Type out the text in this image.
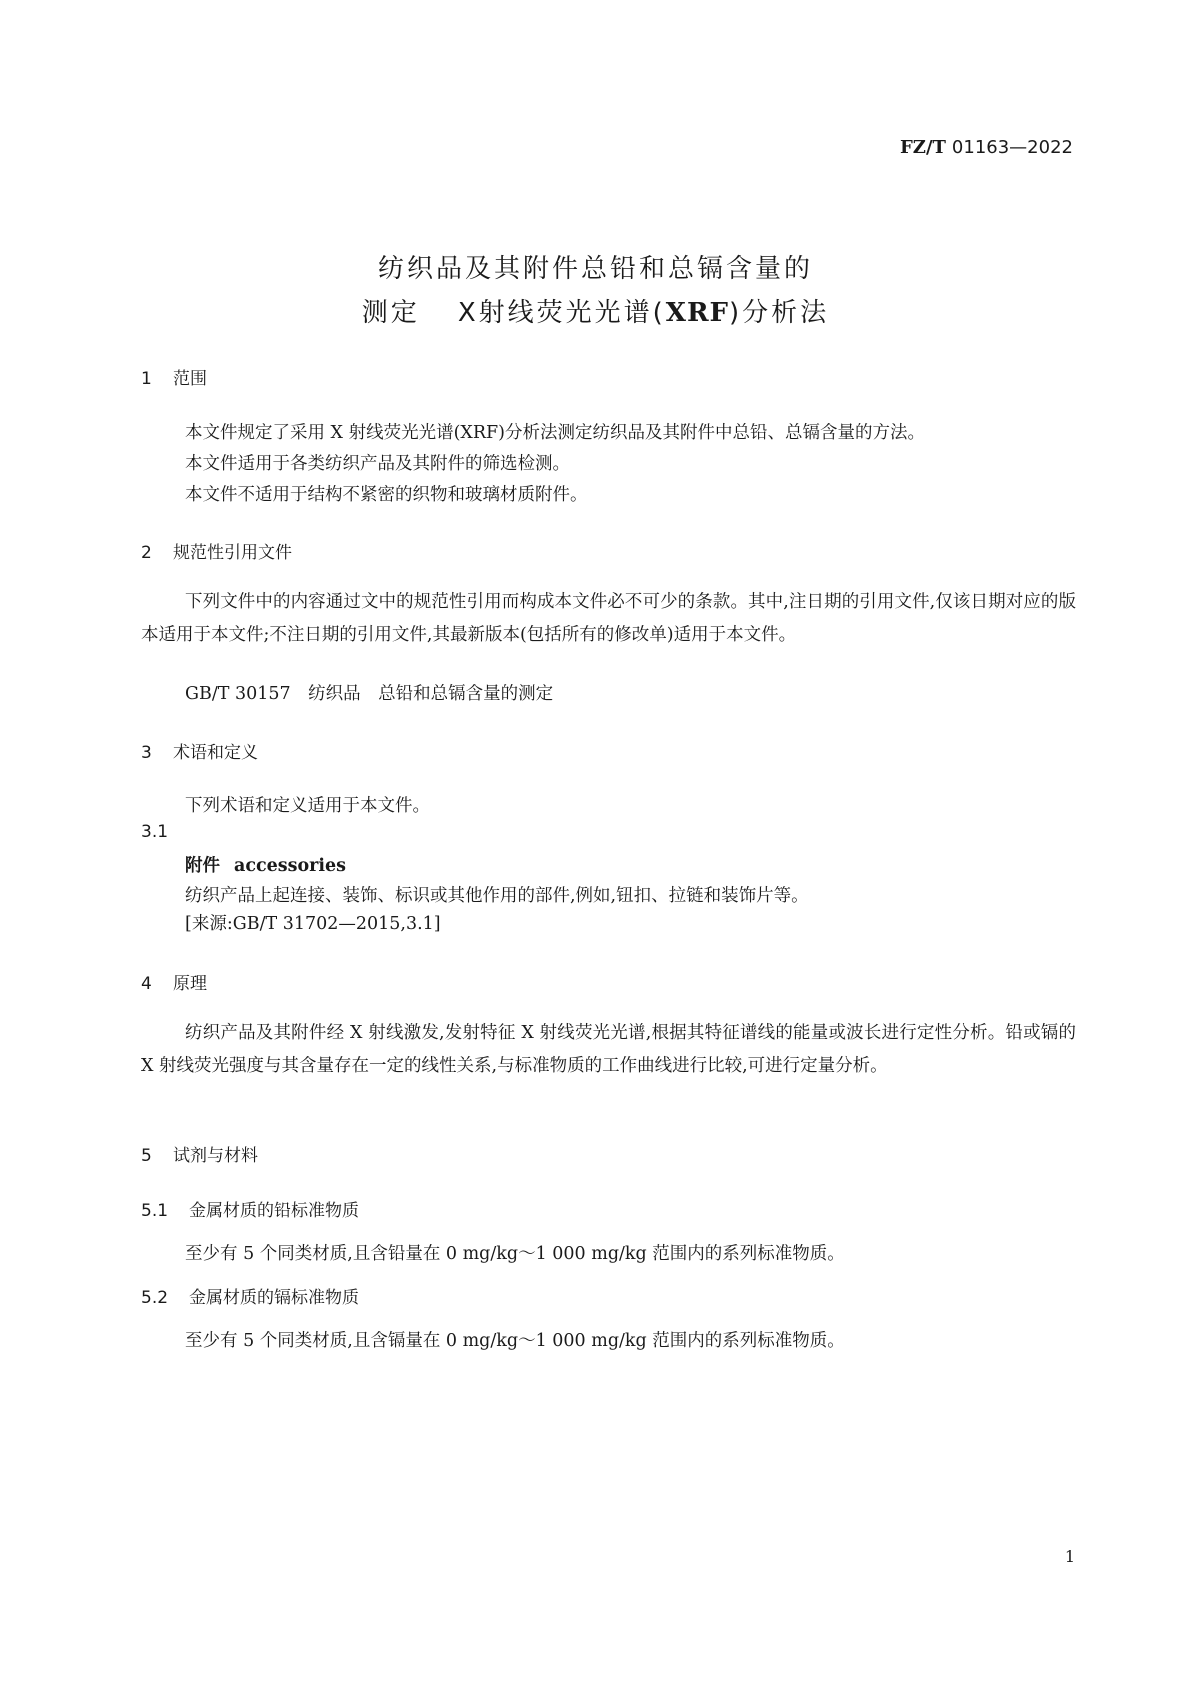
FZ/T 01163—2022
纺织品及其附件总铅和总镉含量的
测定 X射线荧光光谱(XRF)分析法
1 范围
本文件规定了采用 X 射线荧光光谱(XRF)分析法测定纺织品及其附件中总铅、总镉含量的方法。
本文件适用于各类纺织产品及其附件的筛选检测。
本文件不适用于结构不紧密的织物和玻璃材质附件。
2 规范性引用文件
下列文件中的内容通过文中的规范性引用而构成本文件必不可少的条款。其中,注日期的引用文件,仅该日期对应的版本适用于本文件;不注日期的引用文件,其最新版本(包括所有的修改单)适用于本文件。
GB/T 30157　纺织品　总铅和总镉含量的测定
3 术语和定义
下列术语和定义适用于本文件。
3.1
附件 accessories
纺织产品上起连接、装饰、标识或其他作用的部件,例如,钮扣、拉链和装饰片等。
[来源:GB/T 31702—2015,3.1]
4 原理
纺织产品及其附件经 X 射线激发,发射特征 X 射线荧光光谱,根据其特征谱线的能量或波长进行定性分析。铅或镉的 X 射线荧光强度与其含量存在一定的线性关系,与标准物质的工作曲线进行比较,可进行定量分析。
5 试剂与材料
5.1 金属材质的铅标准物质
至少有 5 个同类材质,且含铅量在 0 mg/kg～1 000 mg/kg 范围内的系列标准物质。
5.2 金属材质的镉标准物质
至少有 5 个同类材质,且含镉量在 0 mg/kg～1 000 mg/kg 范围内的系列标准物质。
1
